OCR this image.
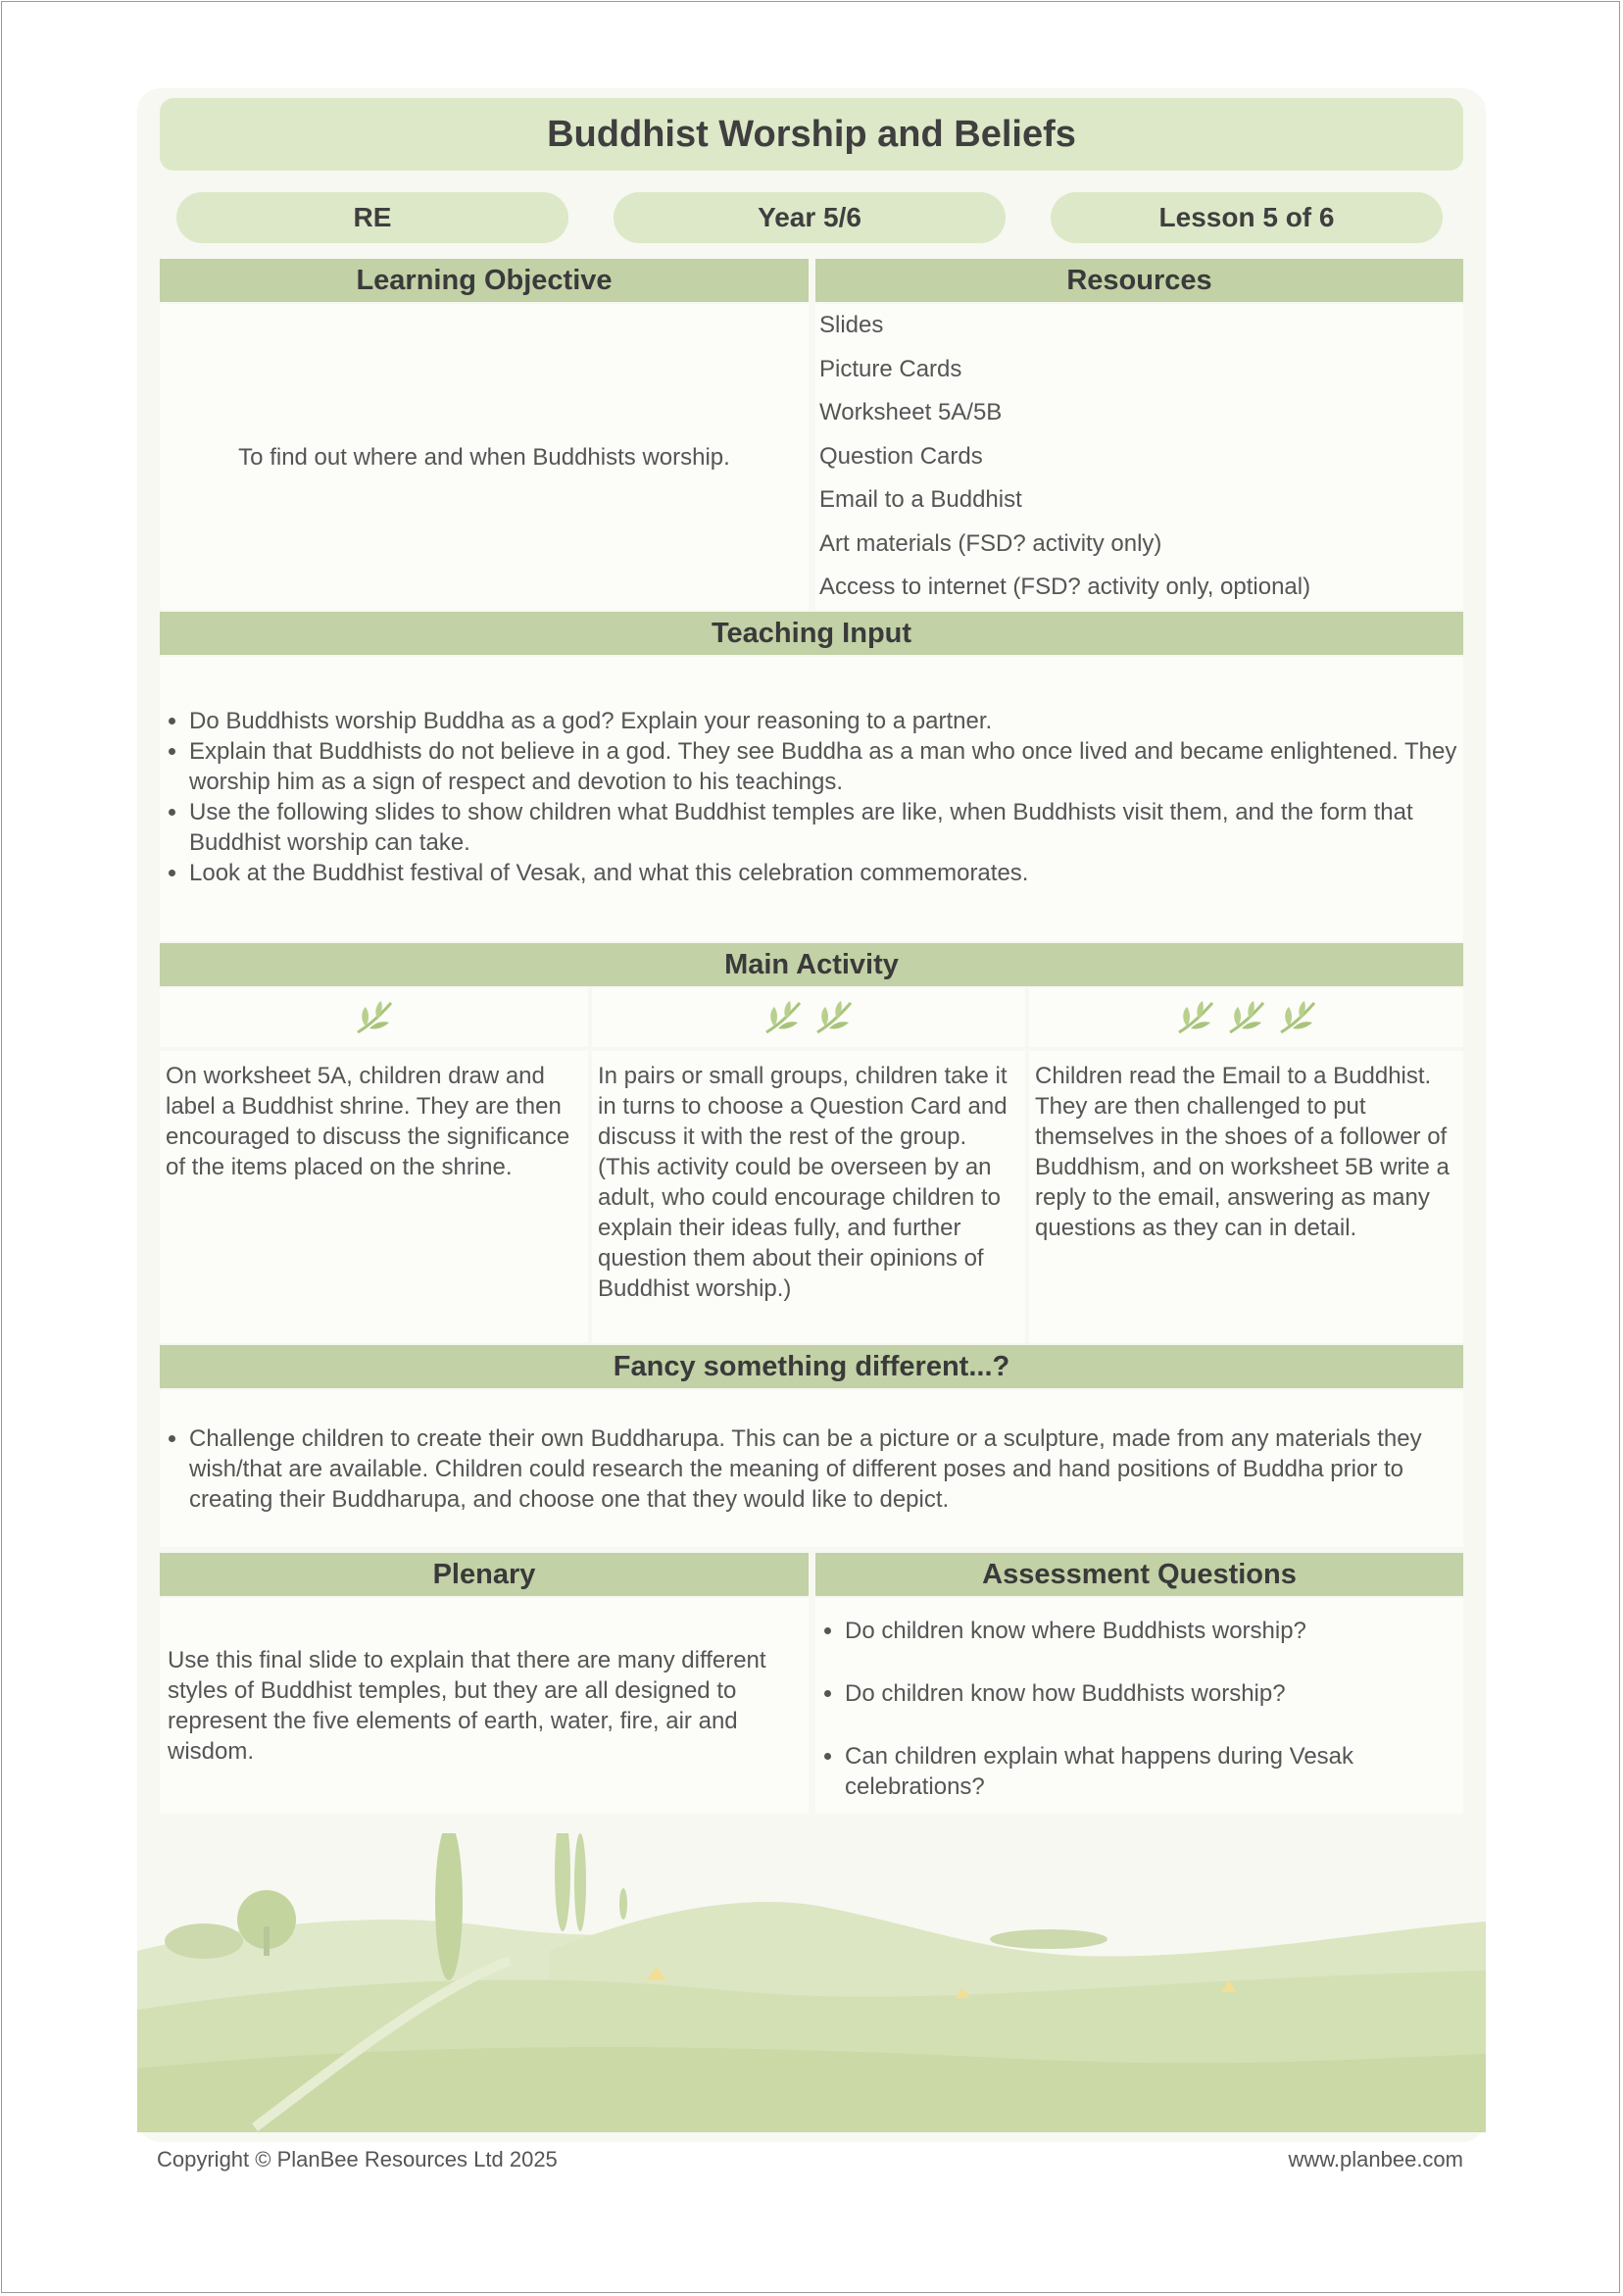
Buddhist Worship and Beliefs
RE	Year 5/6	Lesson 5 of 6
Learning Objective	Resources
To find out where and when Buddhists worship.
Slides
Picture Cards
Worksheet 5A/5B
Question Cards
Email to a Buddhist
Art materials (FSD? activity only)
Access to internet (FSD? activity only, optional)
Teaching Input
• Do Buddhists worship Buddha as a god? Explain your reasoning to a partner.
• Explain that Buddhists do not believe in a god. They see Buddha as a man who once lived and became enlightened. They worship him as a sign of respect and devotion to his teachings.
• Use the following slides to show children what Buddhist temples are like, when Buddhists visit them, and the form that Buddhist worship can take.
• Look at the Buddhist festival of Vesak, and what this celebration commemorates.
Main Activity
On worksheet 5A, children draw and label a Buddhist shrine. They are then encouraged to discuss the significance of the items placed on the shrine.
In pairs or small groups, children take it in turns to choose a Question Card and discuss it with the rest of the group. (This activity could be overseen by an adult, who could encourage children to explain their ideas fully, and further question them about their opinions of Buddhist worship.)
Children read the Email to a Buddhist. They are then challenged to put themselves in the shoes of a follower of Buddhism, and on worksheet 5B write a reply to the email, answering as many questions as they can in detail.
Fancy something different...?
• Challenge children to create their own Buddharupa. This can be a picture or a sculpture, made from any materials they wish/that are available. Children could research the meaning of different poses and hand positions of Buddha prior to creating their Buddharupa, and choose one that they would like to depict.
Plenary	Assessment Questions
Use this final slide to explain that there are many different styles of Buddhist temples, but they are all designed to represent the five elements of earth, water, fire, air and wisdom.
• Do children know where Buddhists worship?
• Do children know how Buddhists worship?
• Can children explain what happens during Vesak celebrations?
Copyright © PlanBee Resources Ltd 2025	www.planbee.com
